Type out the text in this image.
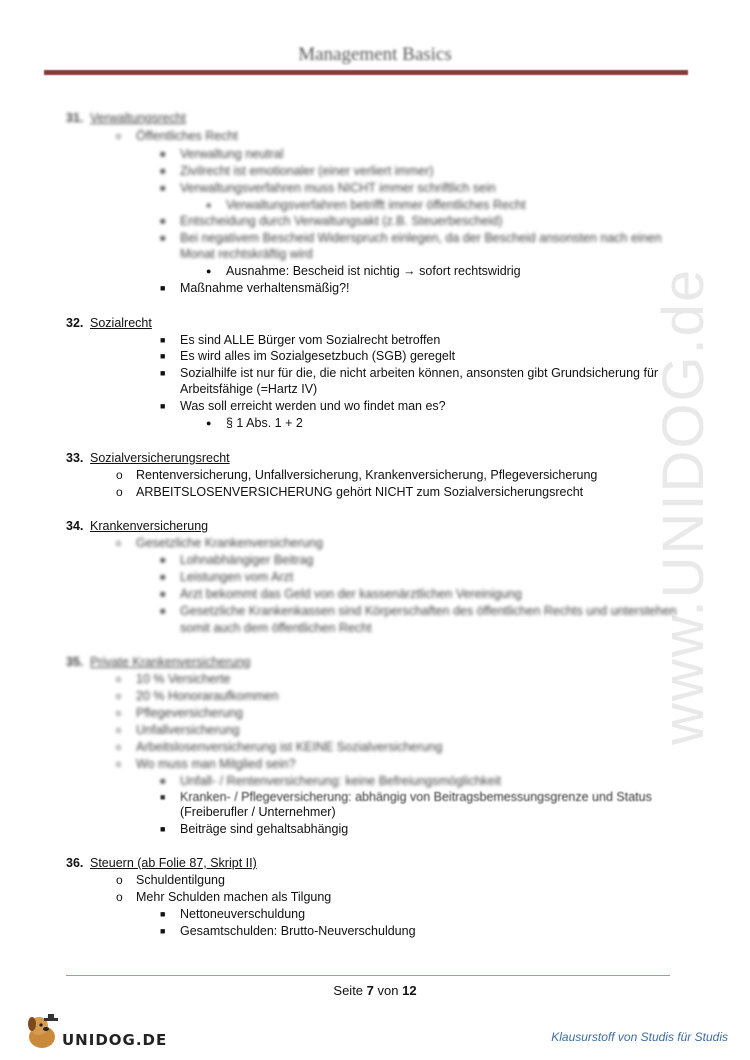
Management Basics
www.UNIDOG.de
31. Verwaltungsrecht
o Öffentliches Recht
■ Verwaltung neutral
■ Zivilrecht ist emotionaler (einer verliert immer)
■ Verwaltungsverfahren muss NICHT immer schriftlich sein
● Verwaltungsverfahren betrifft immer öffentliches Recht
■ Entscheidung durch Verwaltungsakt (z.B. Steuerbescheid)
■ Bei negativem Bescheid Widerspruch einlegen, da der Bescheid ansonsten nach einen
Monat rechtskräftig wird
● Ausnahme: Bescheid ist nichtig → sofort rechtswidrig
■ Maßnahme verhaltensmäßig?!
32. Sozialrecht
■ Es sind ALLE Bürger vom Sozialrecht betroffen
■ Es wird alles im Sozialgesetzbuch (SGB) geregelt
■ Sozialhilfe ist nur für die, die nicht arbeiten können, ansonsten gibt Grundsicherung für
Arbeitsfähige (=Hartz IV)
■ Was soll erreicht werden und wo findet man es?
● § 1 Abs. 1 + 2
33. Sozialversicherungsrecht
o Rentenversicherung, Unfallversicherung, Krankenversicherung, Pflegeversicherung
o ARBEITSLOSENVERSICHERUNG gehört NICHT zum Sozialversicherungsrecht
34. Krankenversicherung
o Gesetzliche Krankenversicherung
■ Lohnabhängiger Beitrag
■ Leistungen vom Arzt
■ Arzt bekommt das Geld von der kassenärztlichen Vereinigung
■ Gesetzliche Krankenkassen sind Körperschaften des öffentlichen Rechts und unterstehen
somit auch dem öffentlichen Recht
35. Private Krankenversicherung
o 10 % Versicherte
o 20 % Honoraraufkommen
o Pflegeversicherung
o Unfallversicherung
o Arbeitslosenversicherung ist KEINE Sozialversicherung
o Wo muss man Mitglied sein?
■ Unfall- / Rentenversicherung: keine Befreiungsmöglichkeit
■ Kranken- / Pflegeversicherung: abhängig von Beitragsbemessungsgrenze und Status
(Freiberufler / Unternehmer)
■ Beiträge sind gehaltsabhängig
36. Steuern (ab Folie 87, Skript II)
o Schuldentilgung
o Mehr Schulden machen als Tilgung
■ Nettoneuverschuldung
■ Gesamtschulden: Brutto-Neuverschuldung
Seite 7 von 12
UNIDOG.DE	Klausurstoff von Studis für Studis
